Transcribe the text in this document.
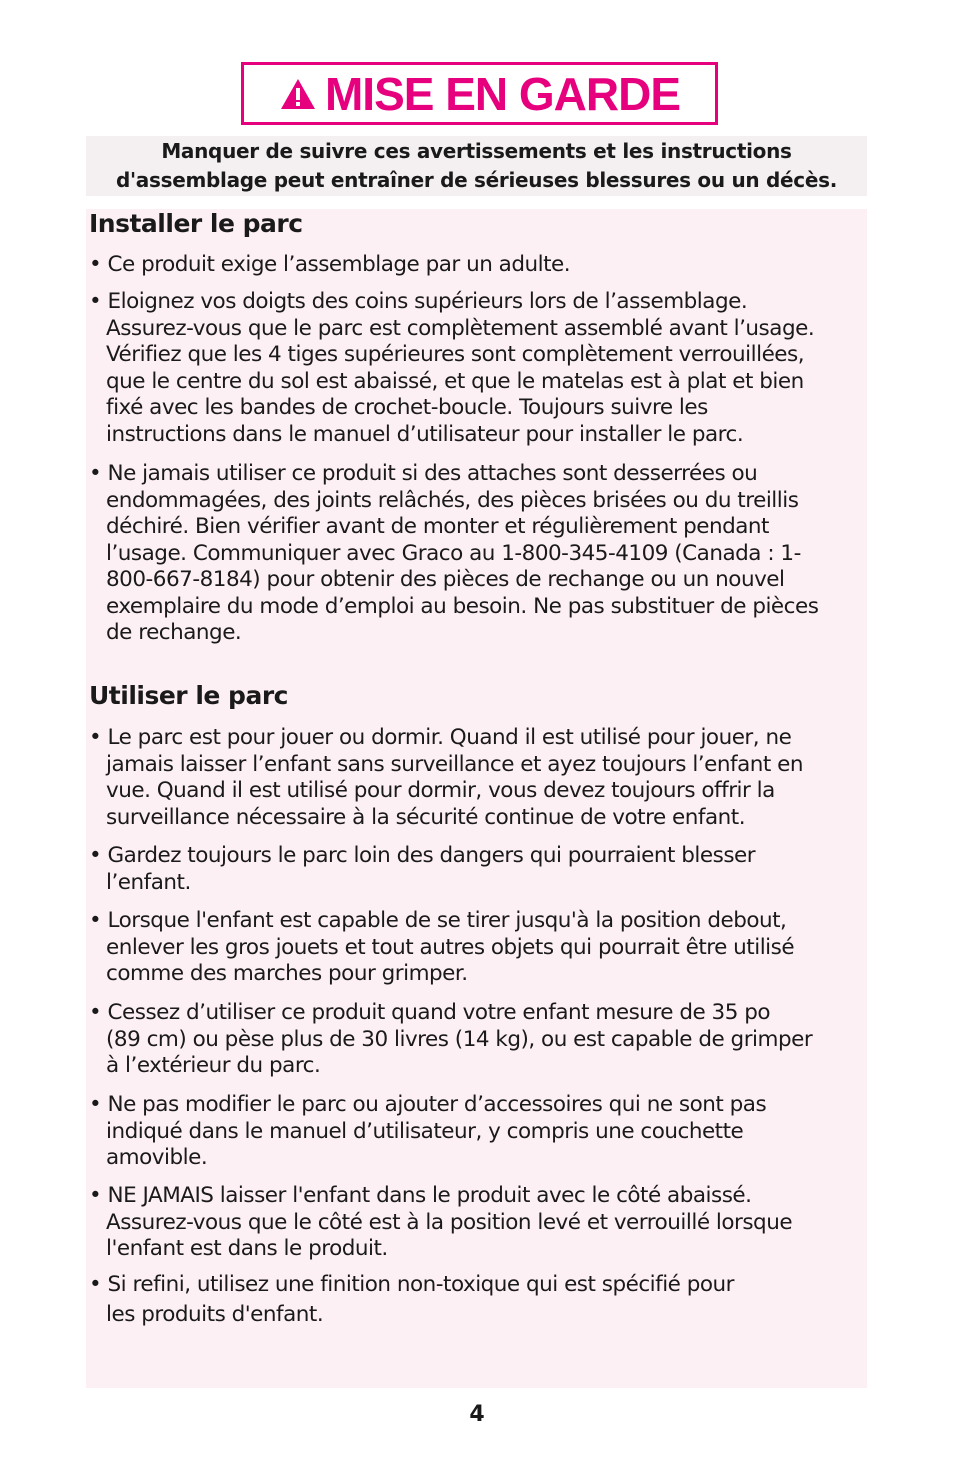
MISE EN GARDE
Manquer de suivre ces avertissements et les instructions
d'assemblage peut entraîner de sérieuses blessures ou un décès.
Installer le parc
• Ce produit exige l’assemblage par un adulte.
• Eloignez vos doigts des coins supérieurs lors de l’assemblage.
Assurez-vous que le parc est complètement assemblé avant l’usage.
Vérifiez que les 4 tiges supérieures sont complètement verrouillées,
que le centre du sol est abaissé, et que le matelas est à plat et bien
fixé avec les bandes de crochet-boucle. Toujours suivre les
instructions dans le manuel d’utilisateur pour installer le parc.
• Ne jamais utiliser ce produit si des attaches sont desserrées ou
endommagées, des joints relâchés, des pièces brisées ou du treillis
déchiré. Bien vérifier avant de monter et régulièrement pendant
l’usage. Communiquer avec Graco au 1-800-345-4109 (Canada : 1-
800-667-8184) pour obtenir des pièces de rechange ou un nouvel
exemplaire du mode d’emploi au besoin. Ne pas substituer de pièces
de rechange.
Utiliser le parc
• Le parc est pour jouer ou dormir. Quand il est utilisé pour jouer, ne
jamais laisser l’enfant sans surveillance et ayez toujours l’enfant en
vue. Quand il est utilisé pour dormir, vous devez toujours offrir la
surveillance nécessaire à la sécurité continue de votre enfant.
• Gardez toujours le parc loin des dangers qui pourraient blesser
l’enfant.
• Lorsque l'enfant est capable de se tirer jusqu'à la position debout,
enlever les gros jouets et tout autres objets qui pourrait être utilisé
comme des marches pour grimper.
• Cessez d’utiliser ce produit quand votre enfant mesure de 35 po
(89 cm) ou pèse plus de 30 livres (14 kg), ou est capable de grimper
à l’extérieur du parc.
• Ne pas modifier le parc ou ajouter d’accessoires qui ne sont pas
indiqué dans le manuel d’utilisateur, y compris une couchette
amovible.
• NE JAMAIS laisser l'enfant dans le produit avec le côté abaissé.
Assurez-vous que le côté est à la position levé et verrouillé lorsque
l'enfant est dans le produit.
• Si refini, utilisez une finition non-toxique qui est spécifié pour
les produits d'enfant.
4
